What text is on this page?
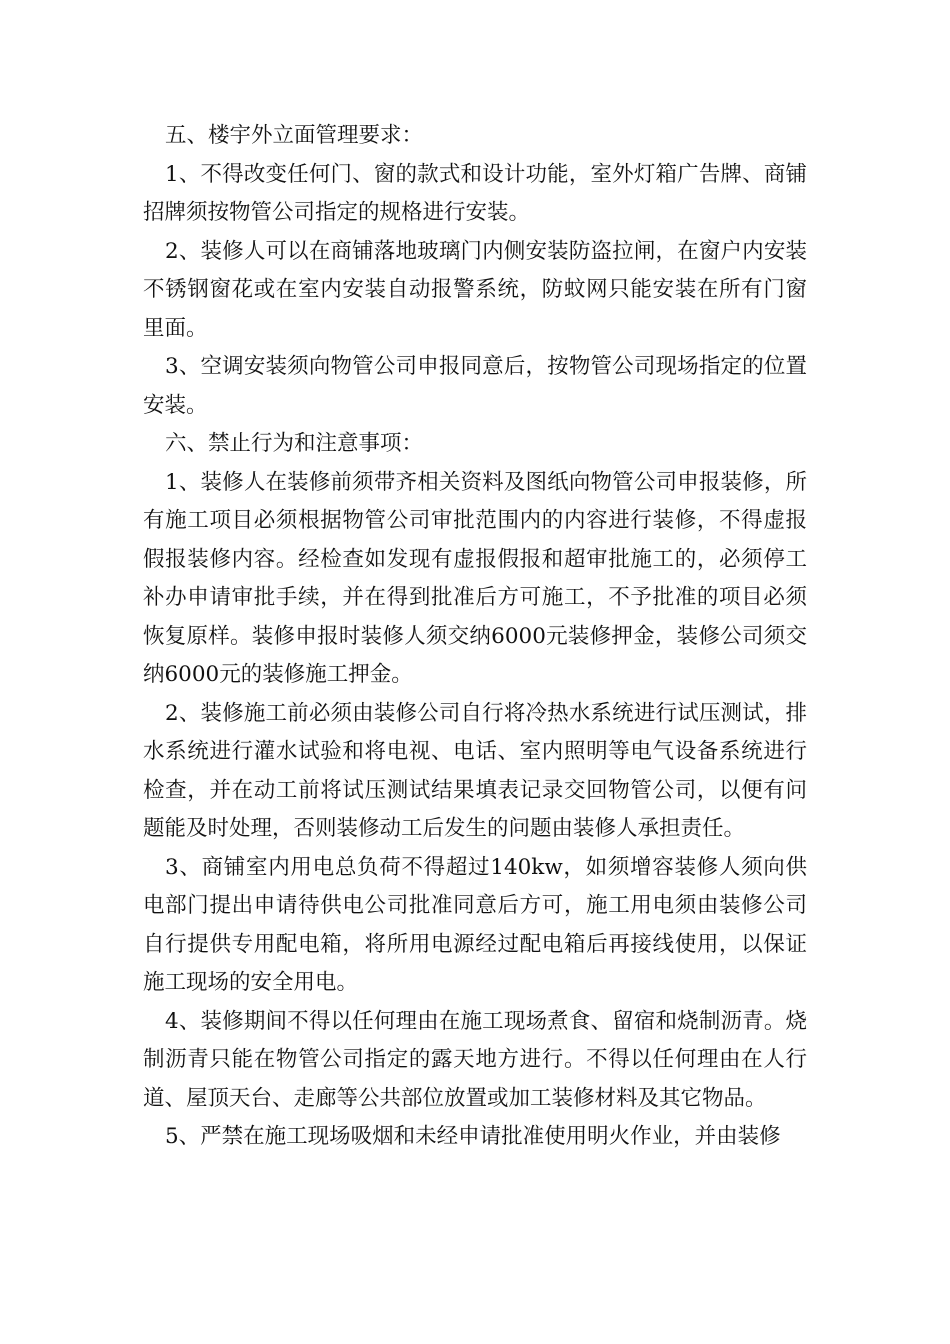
五、楼宇外立面管理要求：

1、不得改变任何门、窗的款式和设计功能，室外灯箱广告牌、商铺招牌须按物管公司指定的规格进行安装。

2、装修人可以在商铺落地玻璃门内侧安装防盗拉闸，在窗户内安装不锈钢窗花或在室内安装自动报警系统，防蚊网只能安装在所有门窗里面。

3、空调安装须向物管公司申报同意后，按物管公司现场指定的位置安装。

六、禁止行为和注意事项：

1、装修人在装修前须带齐相关资料及图纸向物管公司申报装修，所有施工项目必须根据物管公司审批范围内的内容进行装修，不得虚报假报装修内容。经检查如发现有虚报假报和超审批施工的，必须停工补办申请审批手续，并在得到批准后方可施工，不予批准的项目必须恢复原样。装修申报时装修人须交纳6000元装修押金，装修公司须交纳6000元的装修施工押金。

2、装修施工前必须由装修公司自行将冷热水系统进行试压测试，排水系统进行灌水试验和将电视、电话、室内照明等电气设备系统进行检查，并在动工前将试压测试结果填表记录交回物管公司，以便有问题能及时处理，否则装修动工后发生的问题由装修人承担责任。

3、商铺室内用电总负荷不得超过140kw，如须增容装修人须向供电部门提出申请待供电公司批准同意后方可，施工用电须由装修公司自行提供专用配电箱，将所用电源经过配电箱后再接线使用，以保证施工现场的安全用电。

4、装修期间不得以任何理由在施工现场煮食、留宿和烧制沥青。烧制沥青只能在物管公司指定的露天地方进行。不得以任何理由在人行道、屋顶天台、走廊等公共部位放置或加工装修材料及其它物品。

5、严禁在施工现场吸烟和未经申请批准使用明火作业，并由装修
